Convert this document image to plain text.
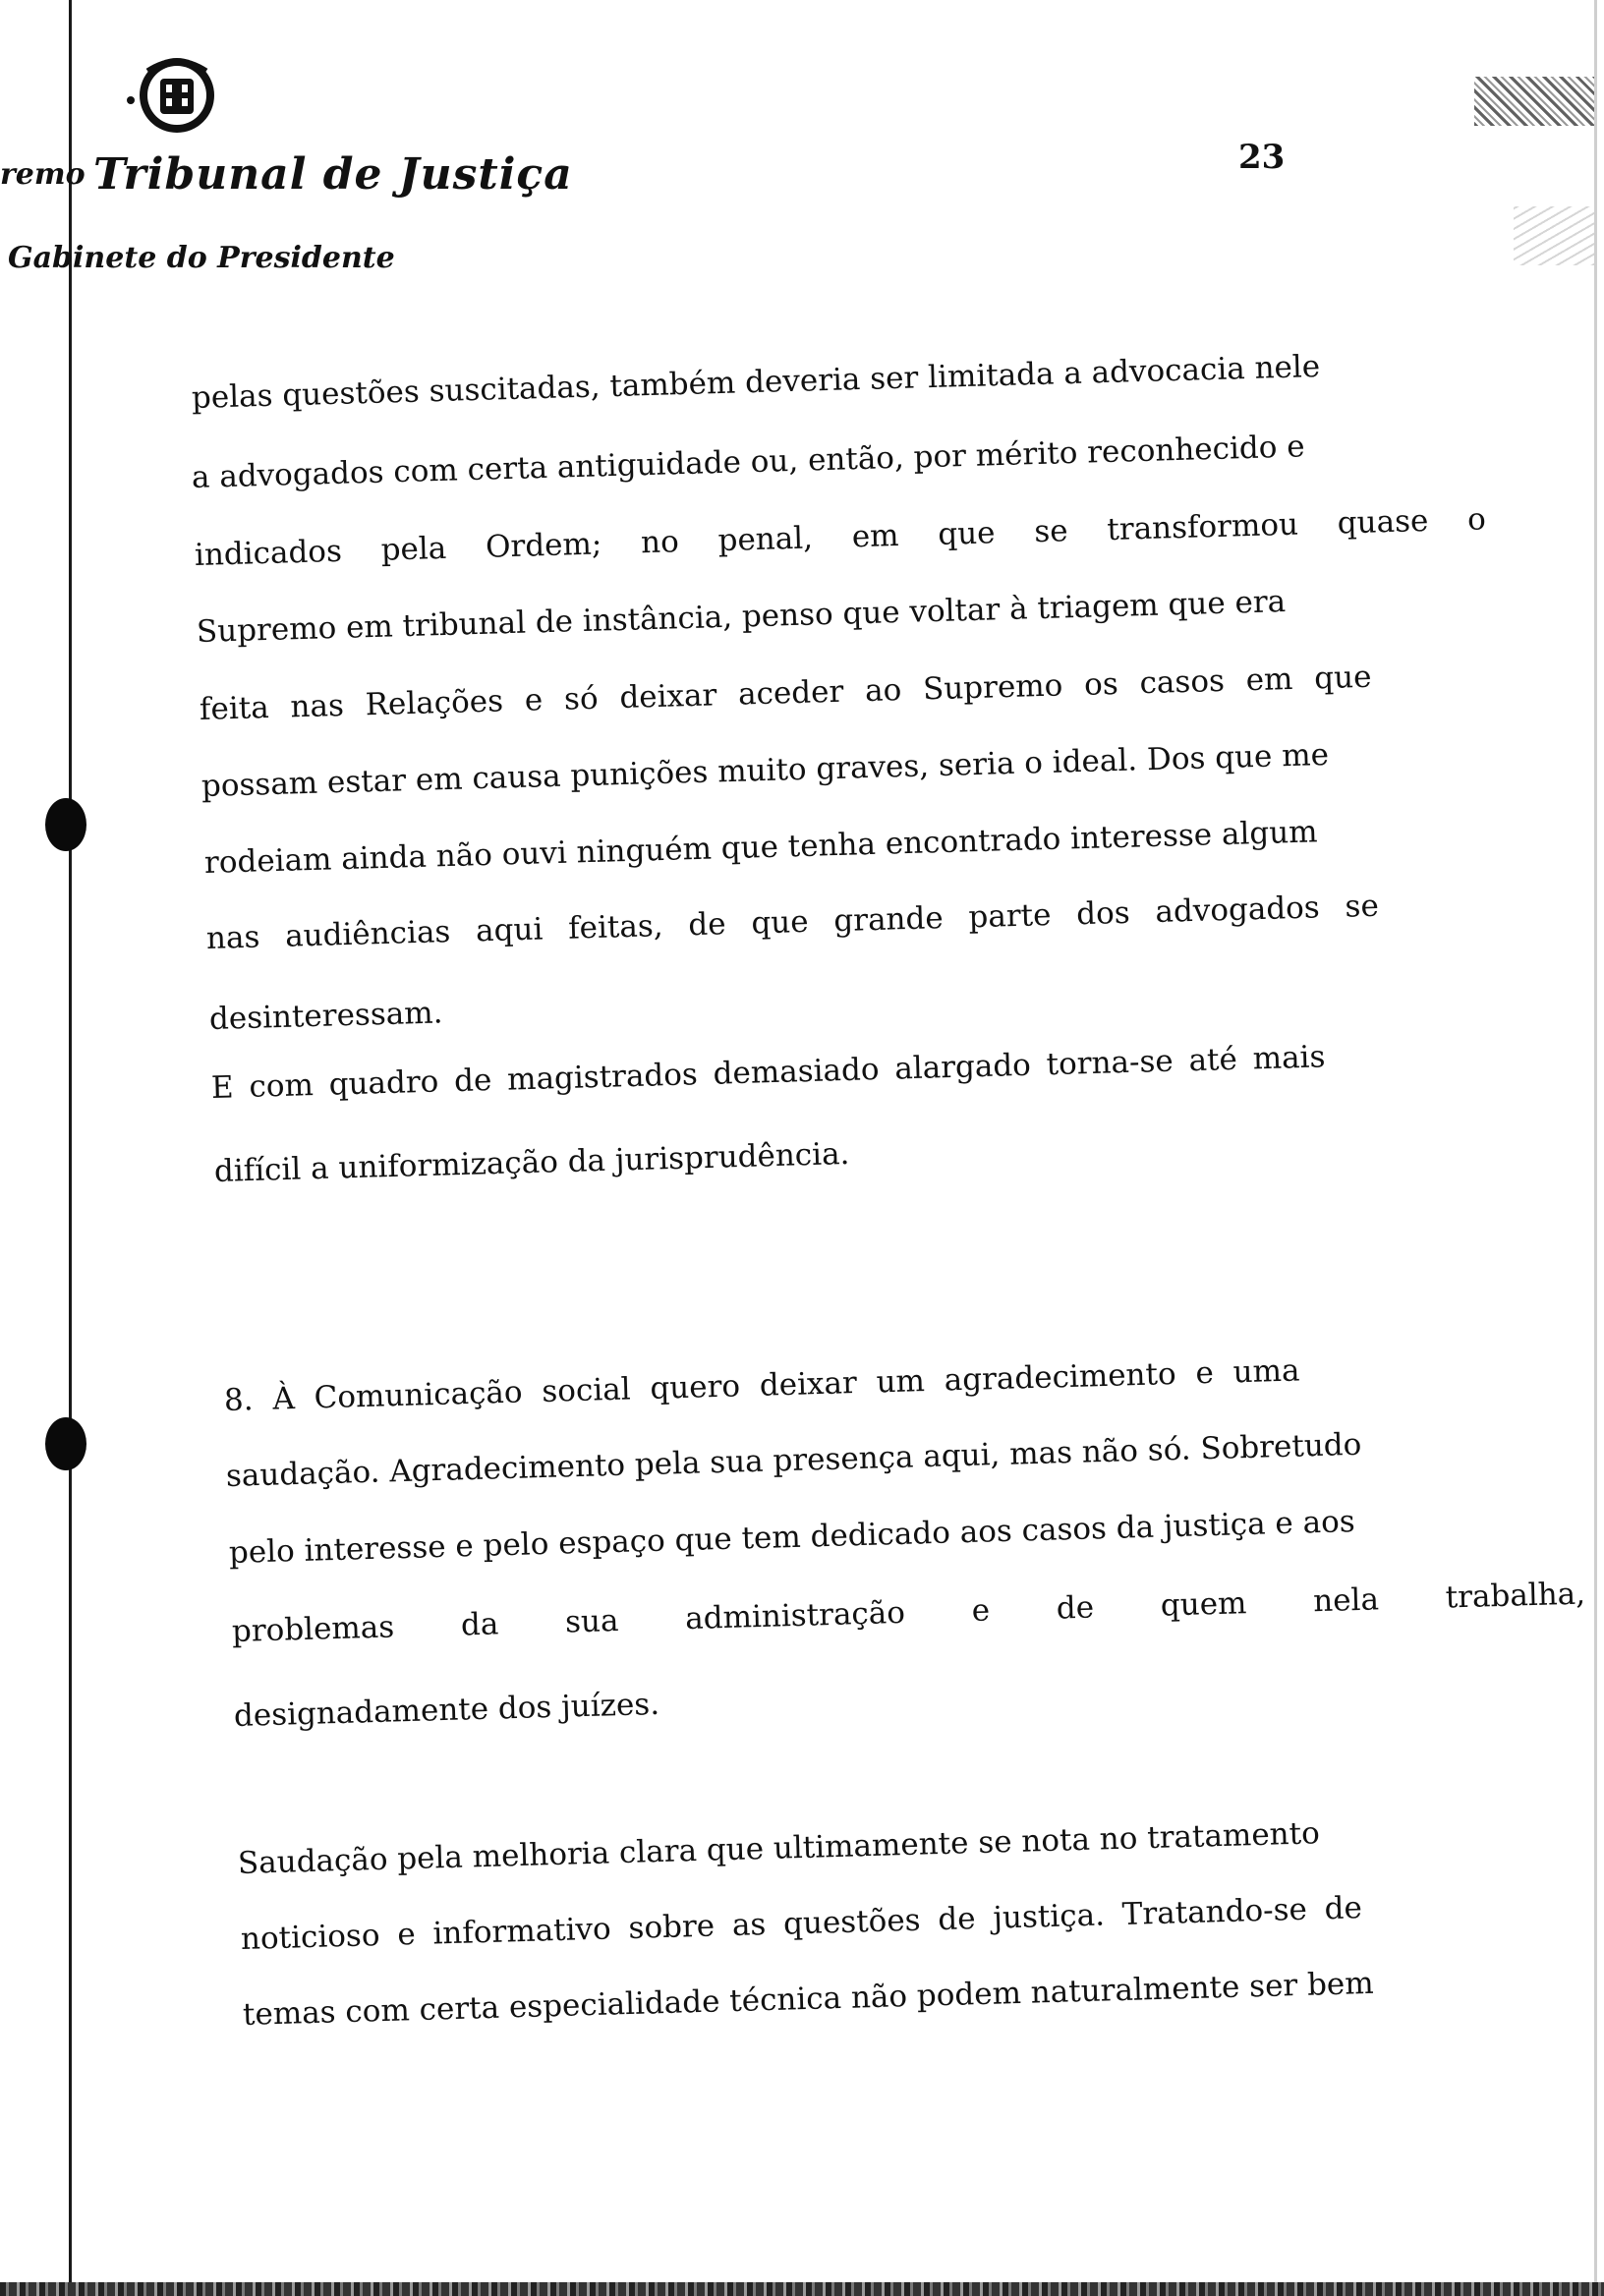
remo Tribunal de Justiça
Gabinete do Presidente
23
pelas questões suscitadas, também deveria ser limitada a advocacia nele
a advogados com certa antiguidade ou, então, por mérito reconhecido e
indicados pela Ordem; no penal, em que se transformou quase o
Supremo em tribunal de instância, penso que voltar à triagem que era
feita nas Relações e só deixar aceder ao Supremo os casos em que
possam estar em causa punições muito graves, seria o ideal. Dos que me
rodeiam ainda não ouvi ninguém que tenha encontrado interesse algum
nas audiências aqui feitas, de que grande parte dos advogados se
desinteressam.
E com quadro de magistrados demasiado alargado torna-se até mais
difícil a uniformização da jurisprudência.
8. À Comunicação social quero deixar um agradecimento e uma
saudação. Agradecimento pela sua presença aqui, mas não só. Sobretudo
pelo interesse e pelo espaço que tem dedicado aos casos da justiça e aos
problemas da sua administração e de quem nela trabalha,
designadamente dos juízes.
Saudação pela melhoria clara que ultimamente se nota no tratamento
noticioso e informativo sobre as questões de justiça. Tratando-se de
temas com certa especialidade técnica não podem naturalmente ser bem
